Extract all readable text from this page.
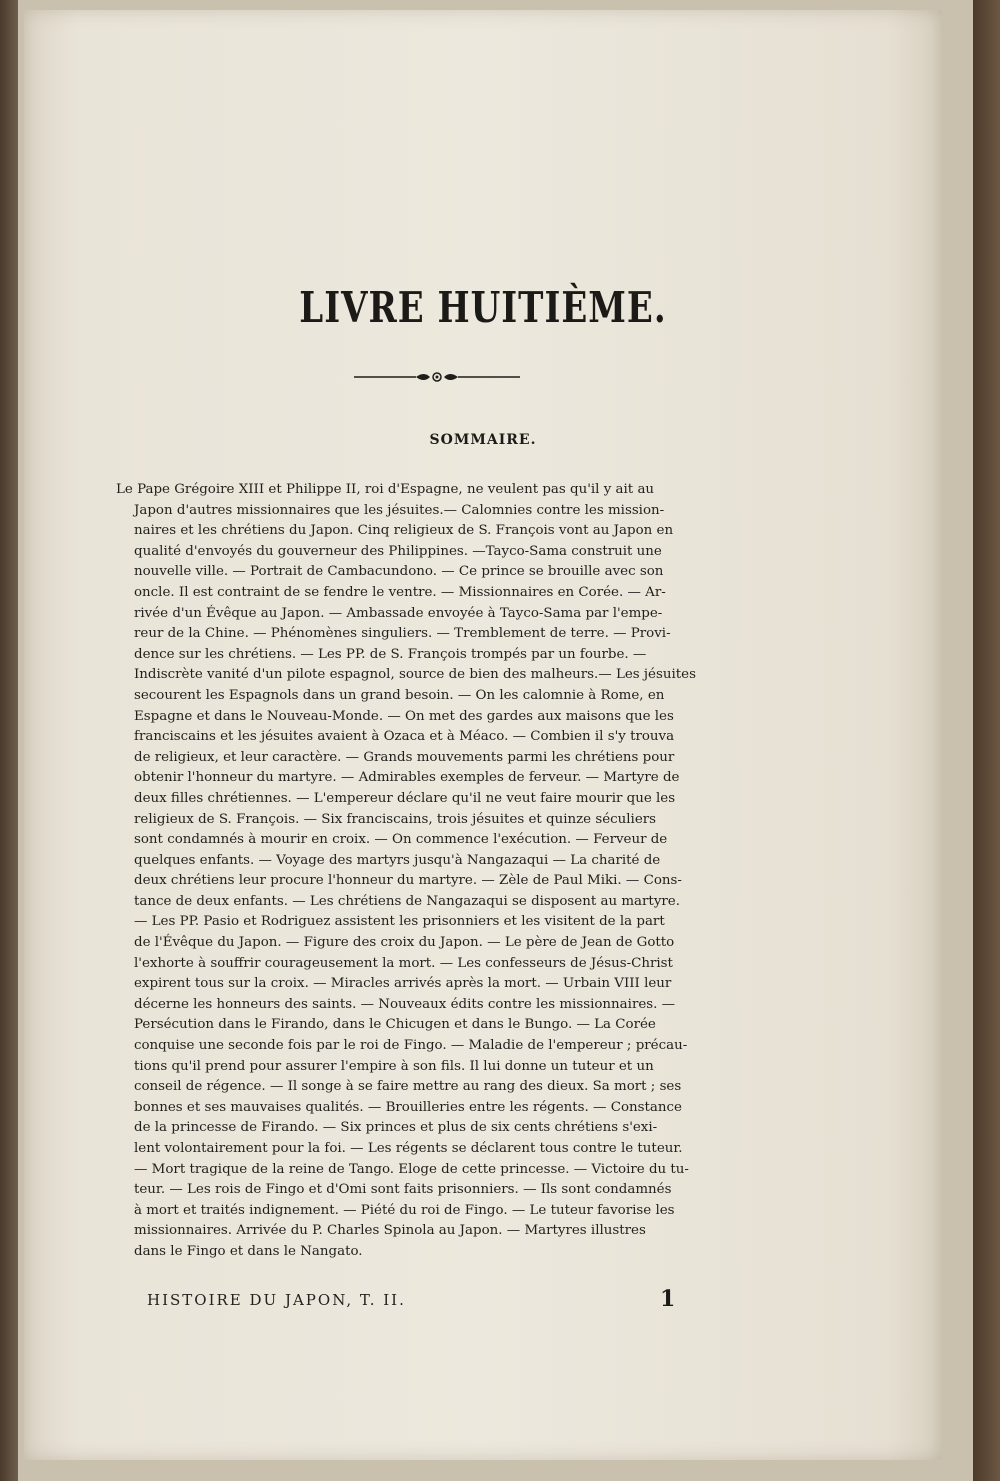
LIVRE HUITIÈME.
SOMMAIRE.
Le Pape Grégoire XIII et Philippe II, roi d'Espagne, ne veulent pas qu'il y ait au
Japon d'autres missionnaires que les jésuites.— Calomnies contre les mission-
naires et les chrétiens du Japon. Cinq religieux de S. François vont au Japon en
qualité d'envoyés du gouverneur des Philippines. —Tayco-Sama construit une
nouvelle ville. — Portrait de Cambacundono. — Ce prince se brouille avec son
oncle. Il est contraint de se fendre le ventre. — Missionnaires en Corée. — Ar-
rivée d'un Évêque au Japon. — Ambassade envoyée à Tayco-Sama par l'empe-
reur de la Chine. — Phénomènes singuliers. — Tremblement de terre. — Provi-
dence sur les chrétiens. — Les PP. de S. François trompés par un fourbe. —
Indiscrète vanité d'un pilote espagnol, source de bien des malheurs.— Les jésuites
secourent les Espagnols dans un grand besoin. — On les calomnie à Rome, en
Espagne et dans le Nouveau-Monde. — On met des gardes aux maisons que les
franciscains et les jésuites avaient à Ozaca et à Méaco. — Combien il s'y trouva
de religieux, et leur caractère. — Grands mouvements parmi les chrétiens pour
obtenir l'honneur du martyre. — Admirables exemples de ferveur. — Martyre de
deux filles chrétiennes. — L'empereur déclare qu'il ne veut faire mourir que les
religieux de S. François. — Six franciscains, trois jésuites et quinze séculiers
sont condamnés à mourir en croix. — On commence l'exécution. — Ferveur de
quelques enfants. — Voyage des martyrs jusqu'à Nangazaqui — La charité de
deux chrétiens leur procure l'honneur du martyre. — Zèle de Paul Miki. — Cons-
tance de deux enfants. — Les chrétiens de Nangazaqui se disposent au martyre.
— Les PP. Pasio et Rodriguez assistent les prisonniers et les visitent de la part
de l'Évêque du Japon. — Figure des croix du Japon. — Le père de Jean de Gotto
l'exhorte à souffrir courageusement la mort. — Les confesseurs de Jésus-Christ
expirent tous sur la croix. — Miracles arrivés après la mort. — Urbain VIII leur
décerne les honneurs des saints. — Nouveaux édits contre les missionnaires. —
Persécution dans le Firando, dans le Chicugen et dans le Bungo. — La Corée
conquise une seconde fois par le roi de Fingo. — Maladie de l'empereur ; précau-
tions qu'il prend pour assurer l'empire à son fils. Il lui donne un tuteur et un
conseil de régence. — Il songe à se faire mettre au rang des dieux. Sa mort ; ses
bonnes et ses mauvaises qualités. — Brouilleries entre les régents. — Constance
de la princesse de Firando. — Six princes et plus de six cents chrétiens s'exi-
lent volontairement pour la foi. — Les régents se déclarent tous contre le tuteur.
— Mort tragique de la reine de Tango. Eloge de cette princesse. — Victoire du tu-
teur. — Les rois de Fingo et d'Omi sont faits prisonniers. — Ils sont condamnés
à mort et traités indignement. — Piété du roi de Fingo. — Le tuteur favorise les
missionnaires. Arrivée du P. Charles Spinola au Japon. — Martyres illustres
dans le Fingo et dans le Nangato.
HISTOIRE DU JAPON, T. II.	1
